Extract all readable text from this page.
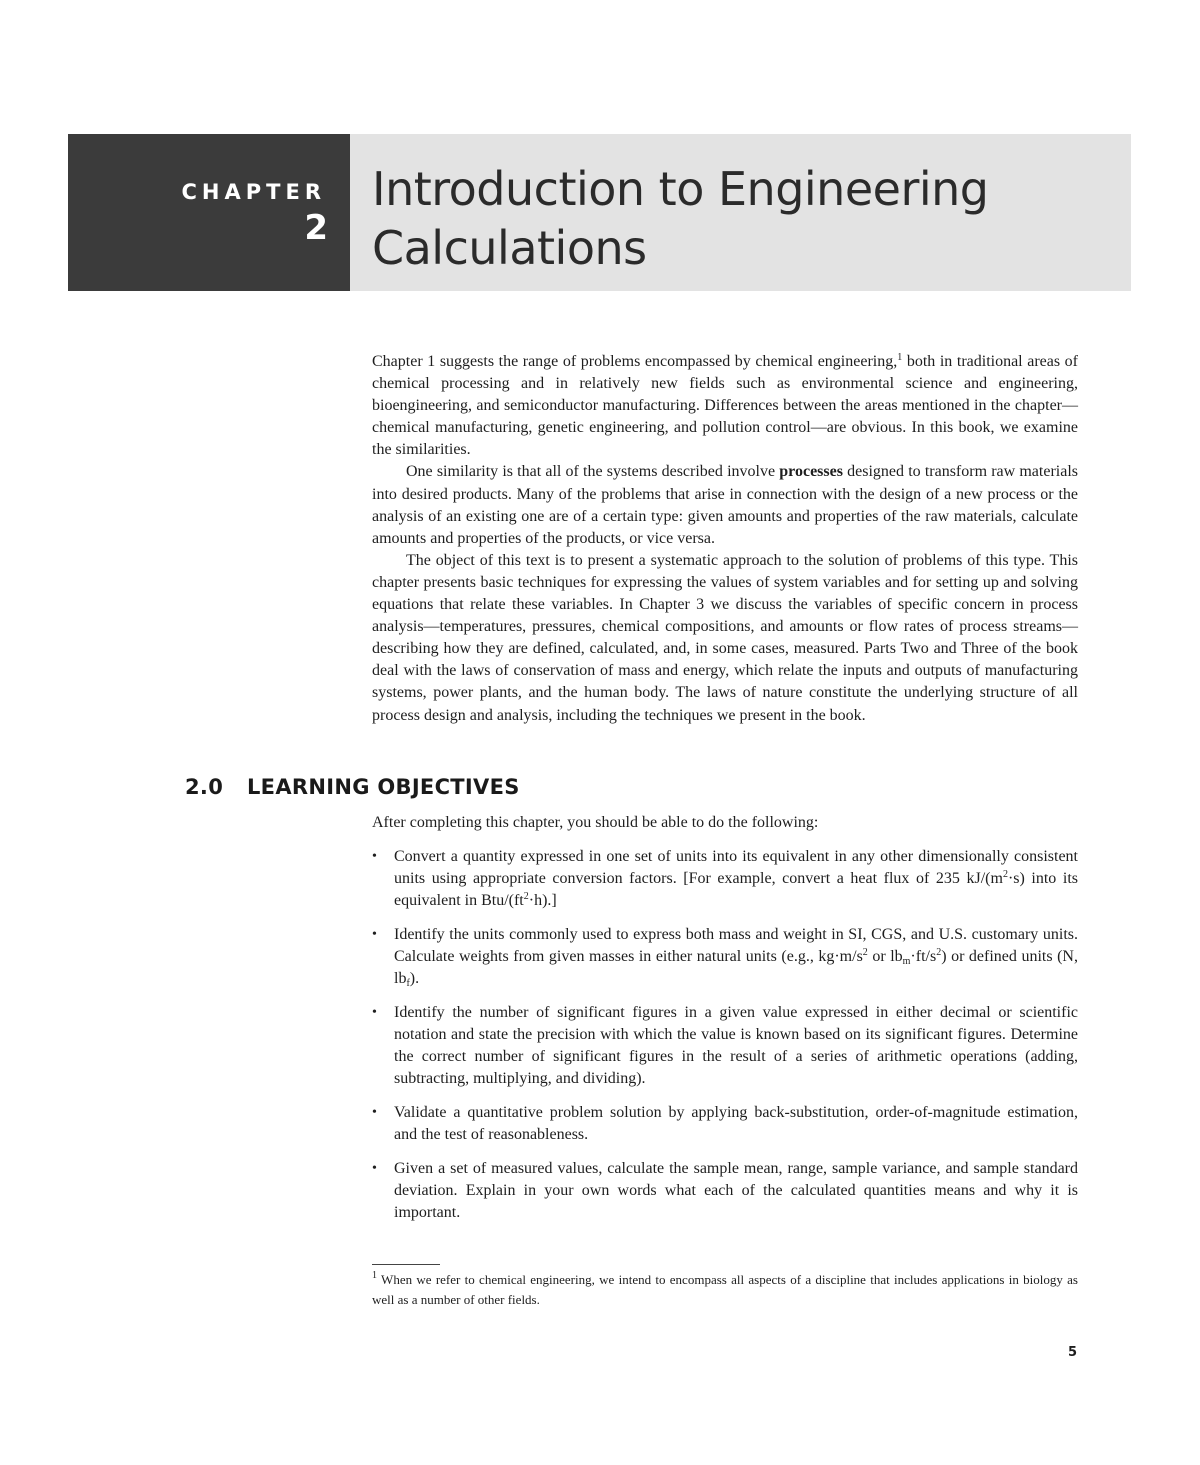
CHAPTER
2
Introduction to Engineering
Calculations

Chapter 1 suggests the range of problems encompassed by chemical engineering,$^1$ both in traditional areas of chemical processing and in relatively new fields such as environmental science and engineering, bioengineering, and semiconductor manufacturing. Differences between the areas mentioned in the chapter—chemical manufacturing, genetic engineering, and pollution control—are obvious. In this book, we examine the similarities.

One similarity is that all of the systems described involve processes designed to transform raw materials into desired products. Many of the problems that arise in connection with the design of a new process or the analysis of an existing one are of a certain type: given amounts and properties of the raw materials, calculate amounts and properties of the products, or vice versa.

The object of this text is to present a systematic approach to the solution of problems of this type. This chapter presents basic techniques for expressing the values of system variables and for setting up and solving equations that relate these variables. In Chapter 3 we discuss the variables of specific concern in process analysis—temperatures, pressures, chemical compositions, and amounts or flow rates of process streams—describing how they are defined, calculated, and, in some cases, measured. Parts Two and Three of the book deal with the laws of conservation of mass and energy, which relate the inputs and outputs of manufacturing systems, power plants, and the human body. The laws of nature constitute the underlying structure of all process design and analysis, including the techniques we present in the book.

2.0 LEARNING OBJECTIVES

After completing this chapter, you should be able to do the following:

• Convert a quantity expressed in one set of units into its equivalent in any other dimensionally consistent units using appropriate conversion factors. [For example, convert a heat flux of 235 $kJ/(m^2\cdot s)$ into its equivalent in Btu/$(ft^2\cdot h)$.]
• Identify the units commonly used to express both mass and weight in SI, CGS, and U.S. customary units. Calculate weights from given masses in either natural units (e.g., $kg\cdot m/s^2$ or $lb_m\cdot ft/s^2$) or defined units (N, $lb_f$).
• Identify the number of significant figures in a given value expressed in either decimal or scientific notation and state the precision with which the value is known based on its significant figures. Determine the correct number of significant figures in the result of a series of arithmetic operations (adding, subtracting, multiplying, and dividing).
• Validate a quantitative problem solution by applying back-substitution, order-of-magnitude estimation, and the test of reasonableness.
• Given a set of measured values, calculate the sample mean, range, sample variance, and sample standard deviation. Explain in your own words what each of the calculated quantities means and why it is important.

$^1$ When we refer to chemical engineering, we intend to encompass all aspects of a discipline that includes applications in biology as well as a number of other fields.

5
